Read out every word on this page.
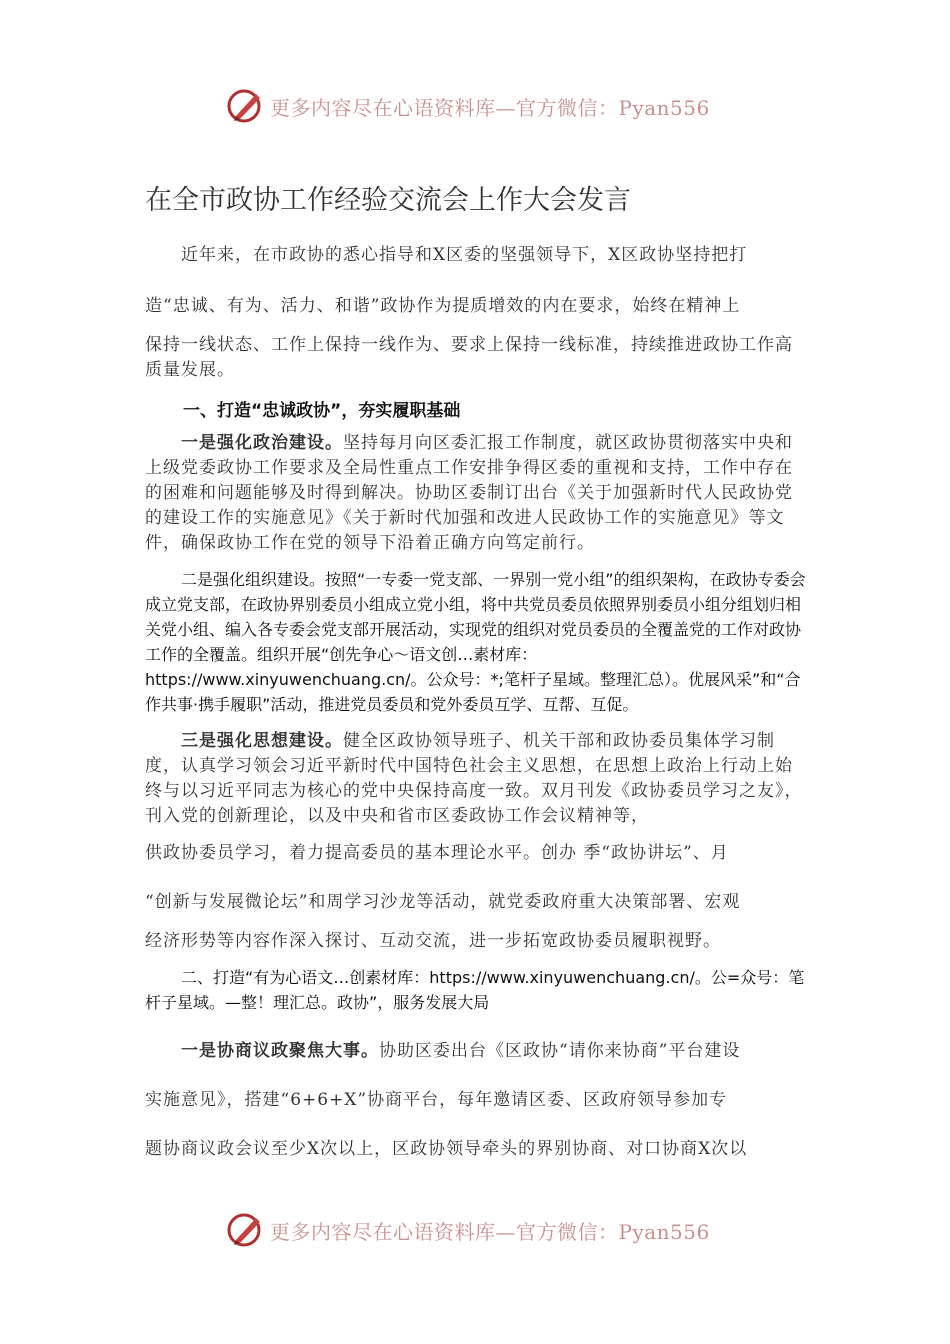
更多内容尽在心语资料库—官方微信：Pyan556
在全市政协工作经验交流会上作大会发言

近年来，在市政协的悉心指导和X区委的坚强领导下，X区政协坚持把打

造“忠诚、有为、活力、和谐”政协作为提质增效的内在要求，始终在精神上

保持一线状态、工作上保持一线作为、要求上保持一线标准，持续推进政协工作高质量发展。

一、打造“忠诚政协”，夯实履职基础

一是强化政治建设。坚持每月向区委汇报工作制度，就区政协贯彻落实中央和上级党委政协工作要求及全局性重点工作安排争得区委的重视和支持，工作中存在的困难和问题能够及时得到解决。协助区委制订出台《关于加强新时代人民政协党的建设工作的实施意见》《关于新时代加强和改进人民政协工作的实施意见》等文件，确保政协工作在党的领导下沿着正确方向笃定前行。

二是强化组织建设。按照“一专委一党支部、一界别一党小组”的组织架构，在政协专委会成立党支部，在政协界别委员小组成立党小组，将中共党员委员依照界别委员小组分组划归相关党小组、编入各专委会党支部开展活动，实现党的组织对党员委员的全覆盖党的工作对政协工作的全覆盖。组织开展“创先争心～语文创…素材库：https://www.xinyuwenchuang.cn/。公众号：*;笔杆子星域。整理汇总）。优展风采”和“合作共事·携手履职”活动，推进党员委员和党外委员互学、互帮、互促。

三是强化思想建设。健全区政协领导班子、机关干部和政协委员集体学习制度，认真学习领会习近平新时代中国特色社会主义思想，在思想上政治上行动上始终与以习近平同志为核心的党中央保持高度一致。双月刊发《政协委员学习之友》，刊入党的创新理论，以及中央和省市区委政协工作会议精神等，

供政协委员学习，着力提高委员的基本理论水平。创办 季“政协讲坛”、月

“创新与发展微论坛”和周学习沙龙等活动，就党委政府重大决策部署、宏观

经济形势等内容作深入探讨、互动交流，进一步拓宽政协委员履职视野。

二、打造“有为心语文…创素材库：https://www.xinyuwenchuang.cn/。公=众号：笔杆子星域。—整！理汇总。政协”，服务发展大局

一是协商议政聚焦大事。协助区委出台《区政协“请你来协商”平台建设

实施意见》，搭建“6+6+X”协商平台，每年邀请区委、区政府领导参加专

题协商议政会议至少X次以上，区政协领导牵头的界别协商、对口协商X次以

更多内容尽在心语资料库—官方微信：Pyan556
